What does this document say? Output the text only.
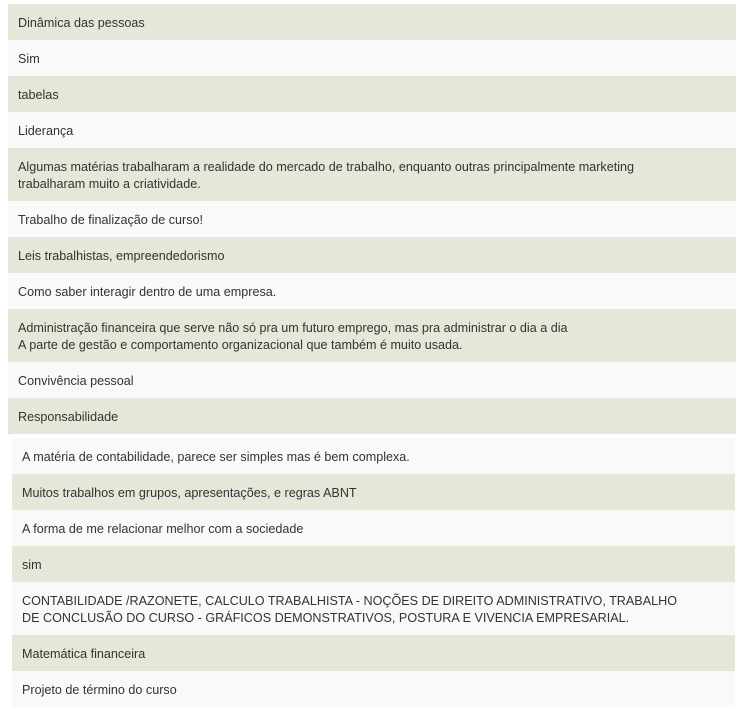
Dinâmica das pessoas
Sim
tabelas
Liderança
Algumas matérias trabalharam a realidade do mercado de trabalho, enquanto outras principalmente marketing
trabalharam muito a criatividade.
Trabalho de finalização de curso!
Leis trabalhistas, empreendedorismo
Como saber interagir dentro de uma empresa.
Administração financeira que serve não só pra um futuro emprego, mas pra administrar o dia a dia
A parte de gestão e comportamento organizacional que também é muito usada.
Convivência pessoal
Responsabilidade
A matéria de contabilidade, parece ser simples mas é bem complexa.
Muitos trabalhos em grupos, apresentações, e regras ABNT
A forma de me relacionar melhor com a sociedade
sim
CONTABILIDADE /RAZONETE, CALCULO TRABALHISTA - NOÇÕES DE DIREITO ADMINISTRATIVO, TRABALHO
DE CONCLUSÃO DO CURSO - GRÁFICOS DEMONSTRATIVOS, POSTURA E VIVENCIA EMPRESARIAL.
Matemática financeira
Projeto de término do curso
